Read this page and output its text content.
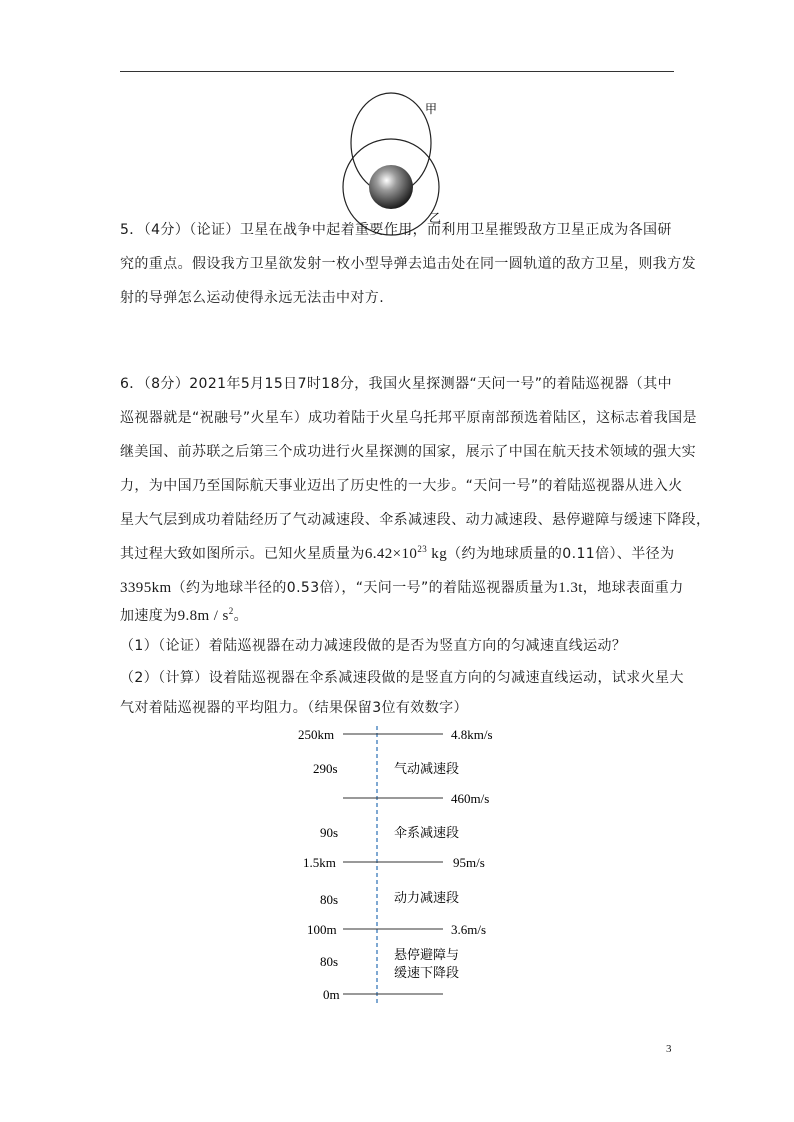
甲
乙
5．（4分）（论证）卫星在战争中起着重要作用，而利用卫星摧毁敌方卫星正成为各国研
究的重点。假设我方卫星欲发射一枚小型导弹去追击处在同一圆轨道的敌方卫星，则我方发
射的导弹怎么运动使得永远无法击中对方.
6．（8分）2021年5月15日7时18分，我国火星探测器“天问一号”的着陆巡视器（其中
巡视器就是“祝融号”火星车）成功着陆于火星乌托邦平原南部预选着陆区，这标志着我国是
继美国、前苏联之后第三个成功进行火星探测的国家，展示了中国在航天技术领域的强大实
力，为中国乃至国际航天事业迈出了历史性的一大步。“天问一号”的着陆巡视器从进入火
星大气层到成功着陆经历了气动减速段、伞系减速段、动力减速段、悬停避障与缓速下降段，
其过程大致如图所示。已知火星质量为$6.42\times 10^{23}$ kg（约为地球质量的0.11倍）、半径为
3395km（约为地球半径的0.53倍），“天问一号”的着陆巡视器质量为1.3t，地球表面重力
加速度为$9.8m / s^2$。
（1）（论证）着陆巡视器在动力减速段做的是否为竖直方向的匀减速直线运动？
（2）（计算）设着陆巡视器在伞系减速段做的是竖直方向的匀减速直线运动，试求火星大
气对着陆巡视器的平均阻力。（结果保留3位有效数字）
250km
1.5km
100m
0m
4.8km/s
460m/s
95m/s
3.6m/s
290s
90s
80s
80s
气动减速段
伞系减速段
动力减速段
悬停避障与
缓速下降段
3
